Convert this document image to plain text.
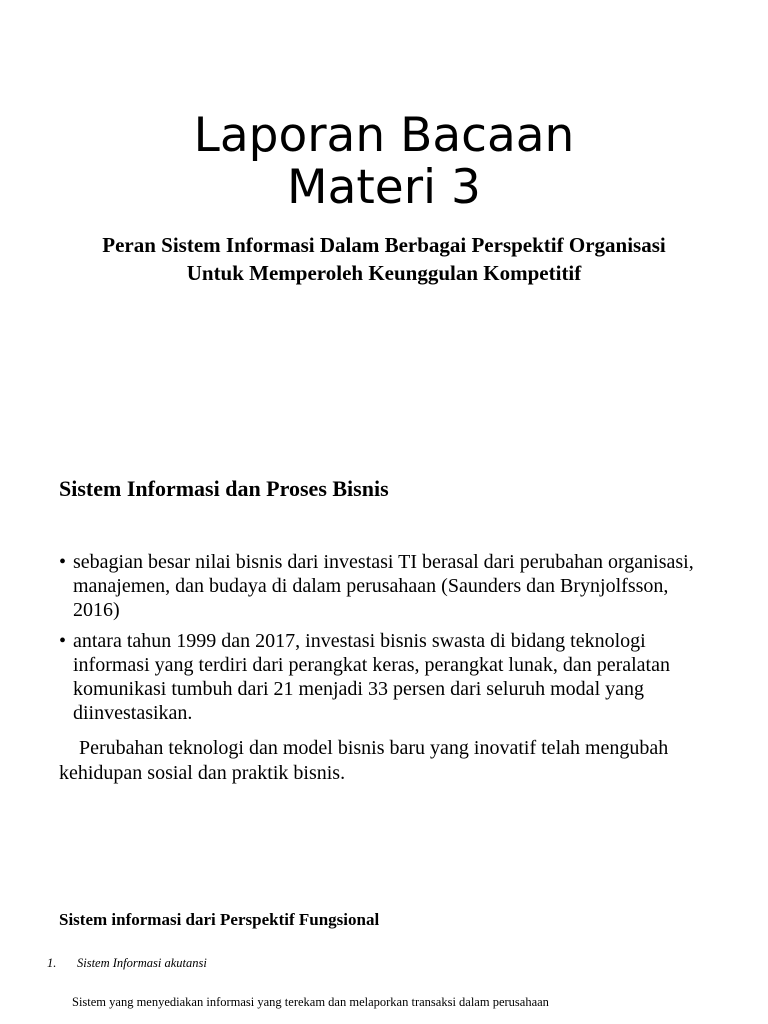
Laporan Bacaan
Materi 3
Peran Sistem Informasi Dalam Berbagai Perspektif Organisasi Untuk Memperoleh Keunggulan Kompetitif
Sistem Informasi dan Proses Bisnis
• sebagian besar nilai bisnis dari investasi TI berasal dari perubahan organisasi, manajemen, dan budaya di dalam perusahaan (Saunders dan Brynjolfsson, 2016)
• antara tahun 1999 dan 2017, investasi bisnis swasta di bidang teknologi informasi yang terdiri dari perangkat keras, perangkat lunak, dan peralatan komunikasi tumbuh dari 21 menjadi 33 persen dari seluruh modal yang diinvestasikan.
Perubahan teknologi dan model bisnis baru yang inovatif telah mengubah kehidupan sosial dan praktik bisnis.
Sistem informasi dari Perspektif Fungsional
1. Sistem Informasi akutansi
Sistem yang menyediakan informasi yang terekam dan melaporkan transaksi dalam perusahaan
